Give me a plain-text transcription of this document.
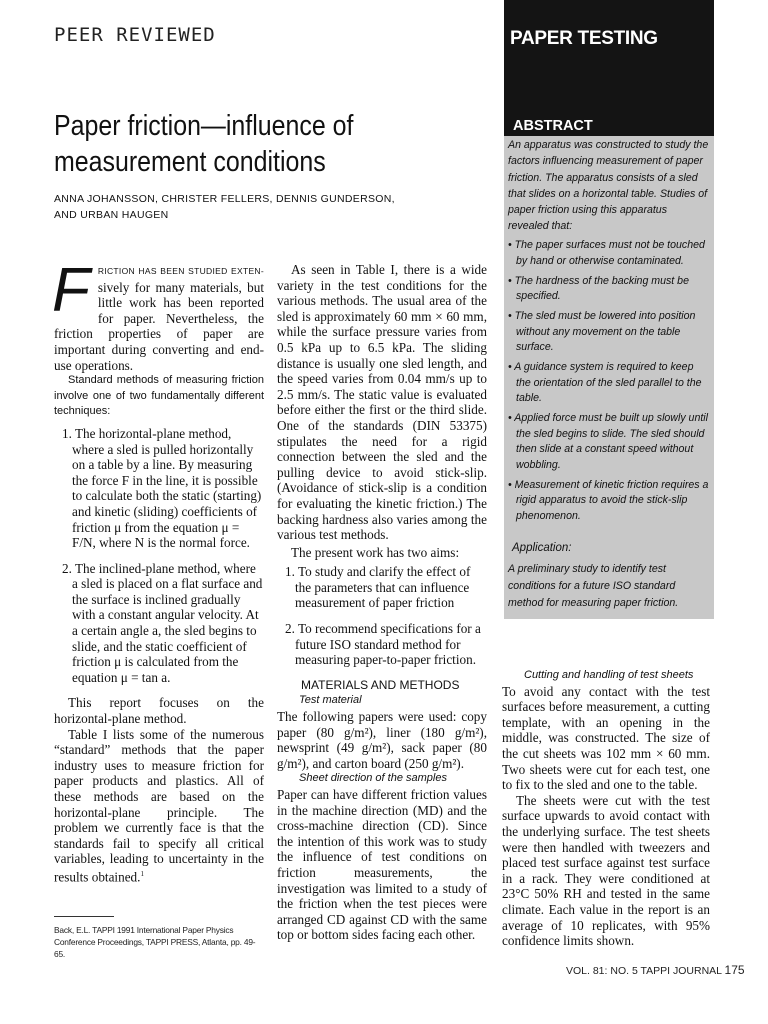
PEER REVIEWED	PAPER TESTING
ABSTRACT
An apparatus was constructed to study the factors influencing measurement of paper friction. The apparatus consists of a sled that slides on a horizontal table. Studies of paper friction using this apparatus revealed that:
• The paper surfaces must not be touched by hand or otherwise contaminated.
• The hardness of the backing must be specified.
• The sled must be lowered into position without any movement on the table surface.
• A guidance system is required to keep the orientation of the sled parallel to the table.
• Applied force must be built up slowly until the sled begins to slide. The sled should then slide at a constant speed without wobbling.
• Measurement of kinetic friction requires a rigid apparatus to avoid the stick-slip phenomenon.
Application:
A preliminary study to identify test conditions for a future ISO standard method for measuring paper friction.
Paper friction—influence of measurement conditions
ANNA JOHANSSON, CHRISTER FELLERS, DENNIS GUNDERSON,
AND URBAN HAUGEN

F RICTION HAS BEEN STUDIED EXTEN- sively for many materials, but little work has been reported for paper. Nevertheless, the friction properties of paper are important during converting and end-use operations.

Standard methods of measuring friction involve one of two fundamentally different techniques:

1. The horizontal-plane method, where a sled is pulled horizontally on a table by a line. By measuring the force F in the line, it is possible to calculate both the static (starting) and kinetic (sliding) coefficients of friction μ from the equation μ = F/N, where N is the normal force.
2. The inclined-plane method, where a sled is placed on a flat surface and the surface is inclined gradually with a constant angular velocity. At a certain angle a, the sled begins to slide, and the static coefficient of friction μ is calculated from the equation μ = tan a.

This report focuses on the horizontal-plane method.

Table I lists some of the numerous “standard” methods that the paper industry uses to measure friction for paper products and plastics. All of these methods are based on the horizontal-plane principle. The problem we currently face is that the standards fail to specify all critical variables, leading to uncertainty in the results obtained.$^1$

As seen in Table I, there is a wide variety in the test conditions for the various methods. The usual area of the sled is approximately 60 mm × 60 mm, while the surface pressure varies from 0.5 kPa up to 6.5 kPa. The sliding distance is usually one sled length, and the speed varies from 0.04 mm/s up to 2.5 mm/s. The static value is evaluated before either the first or the third slide. One of the standards (DIN 53375) stipulates the need for a rigid connection between the sled and the pulling device to avoid stick-slip. (Avoidance of stick-slip is a condition for evaluating the kinetic friction.) The backing hardness also varies among the various test methods.

The present work has two aims:

1. To study and clarify the effect of the parameters that can influence measurement of paper friction
2. To recommend specifications for a future ISO standard method for measuring paper-to-paper friction.
MATERIALS AND METHODS
Test material

The following papers were used: copy paper (80 g/m²), liner (180 g/m²), newsprint (49 g/m²), sack paper (80 g/m²), and carton board (250 g/m²).

Sheet direction of the samples

Paper can have different friction values in the machine direction (MD) and the cross-machine direction (CD). Since the intention of this work was to study the influence of test conditions on friction measurements, the investigation was limited to a study of the friction when the test pieces were arranged CD against CD with the same top or bottom sides facing each other.

Cutting and handling of test sheets

To avoid any contact with the test surfaces before measurement, a cutting template, with an opening in the middle, was constructed. The size of the cut sheets was 102 mm × 60 mm. Two sheets were cut for each test, one to fix to the sled and one to the table.

The sheets were cut with the test surface upwards to avoid contact with the underlying surface. The test sheets were then handled with tweezers and placed test surface against test surface in a rack. They were conditioned at 23°C 50% RH and tested in the same climate. Each value in the report is an average of 10 replicates, with 95% confidence limits shown.

Back, E.L. TAPPI 1991 International Paper Physics Conference Proceedings, TAPPI PRESS, Atlanta, pp. 49-65.
VOL. 81: NO. 5 TAPPI JOURNAL 175
